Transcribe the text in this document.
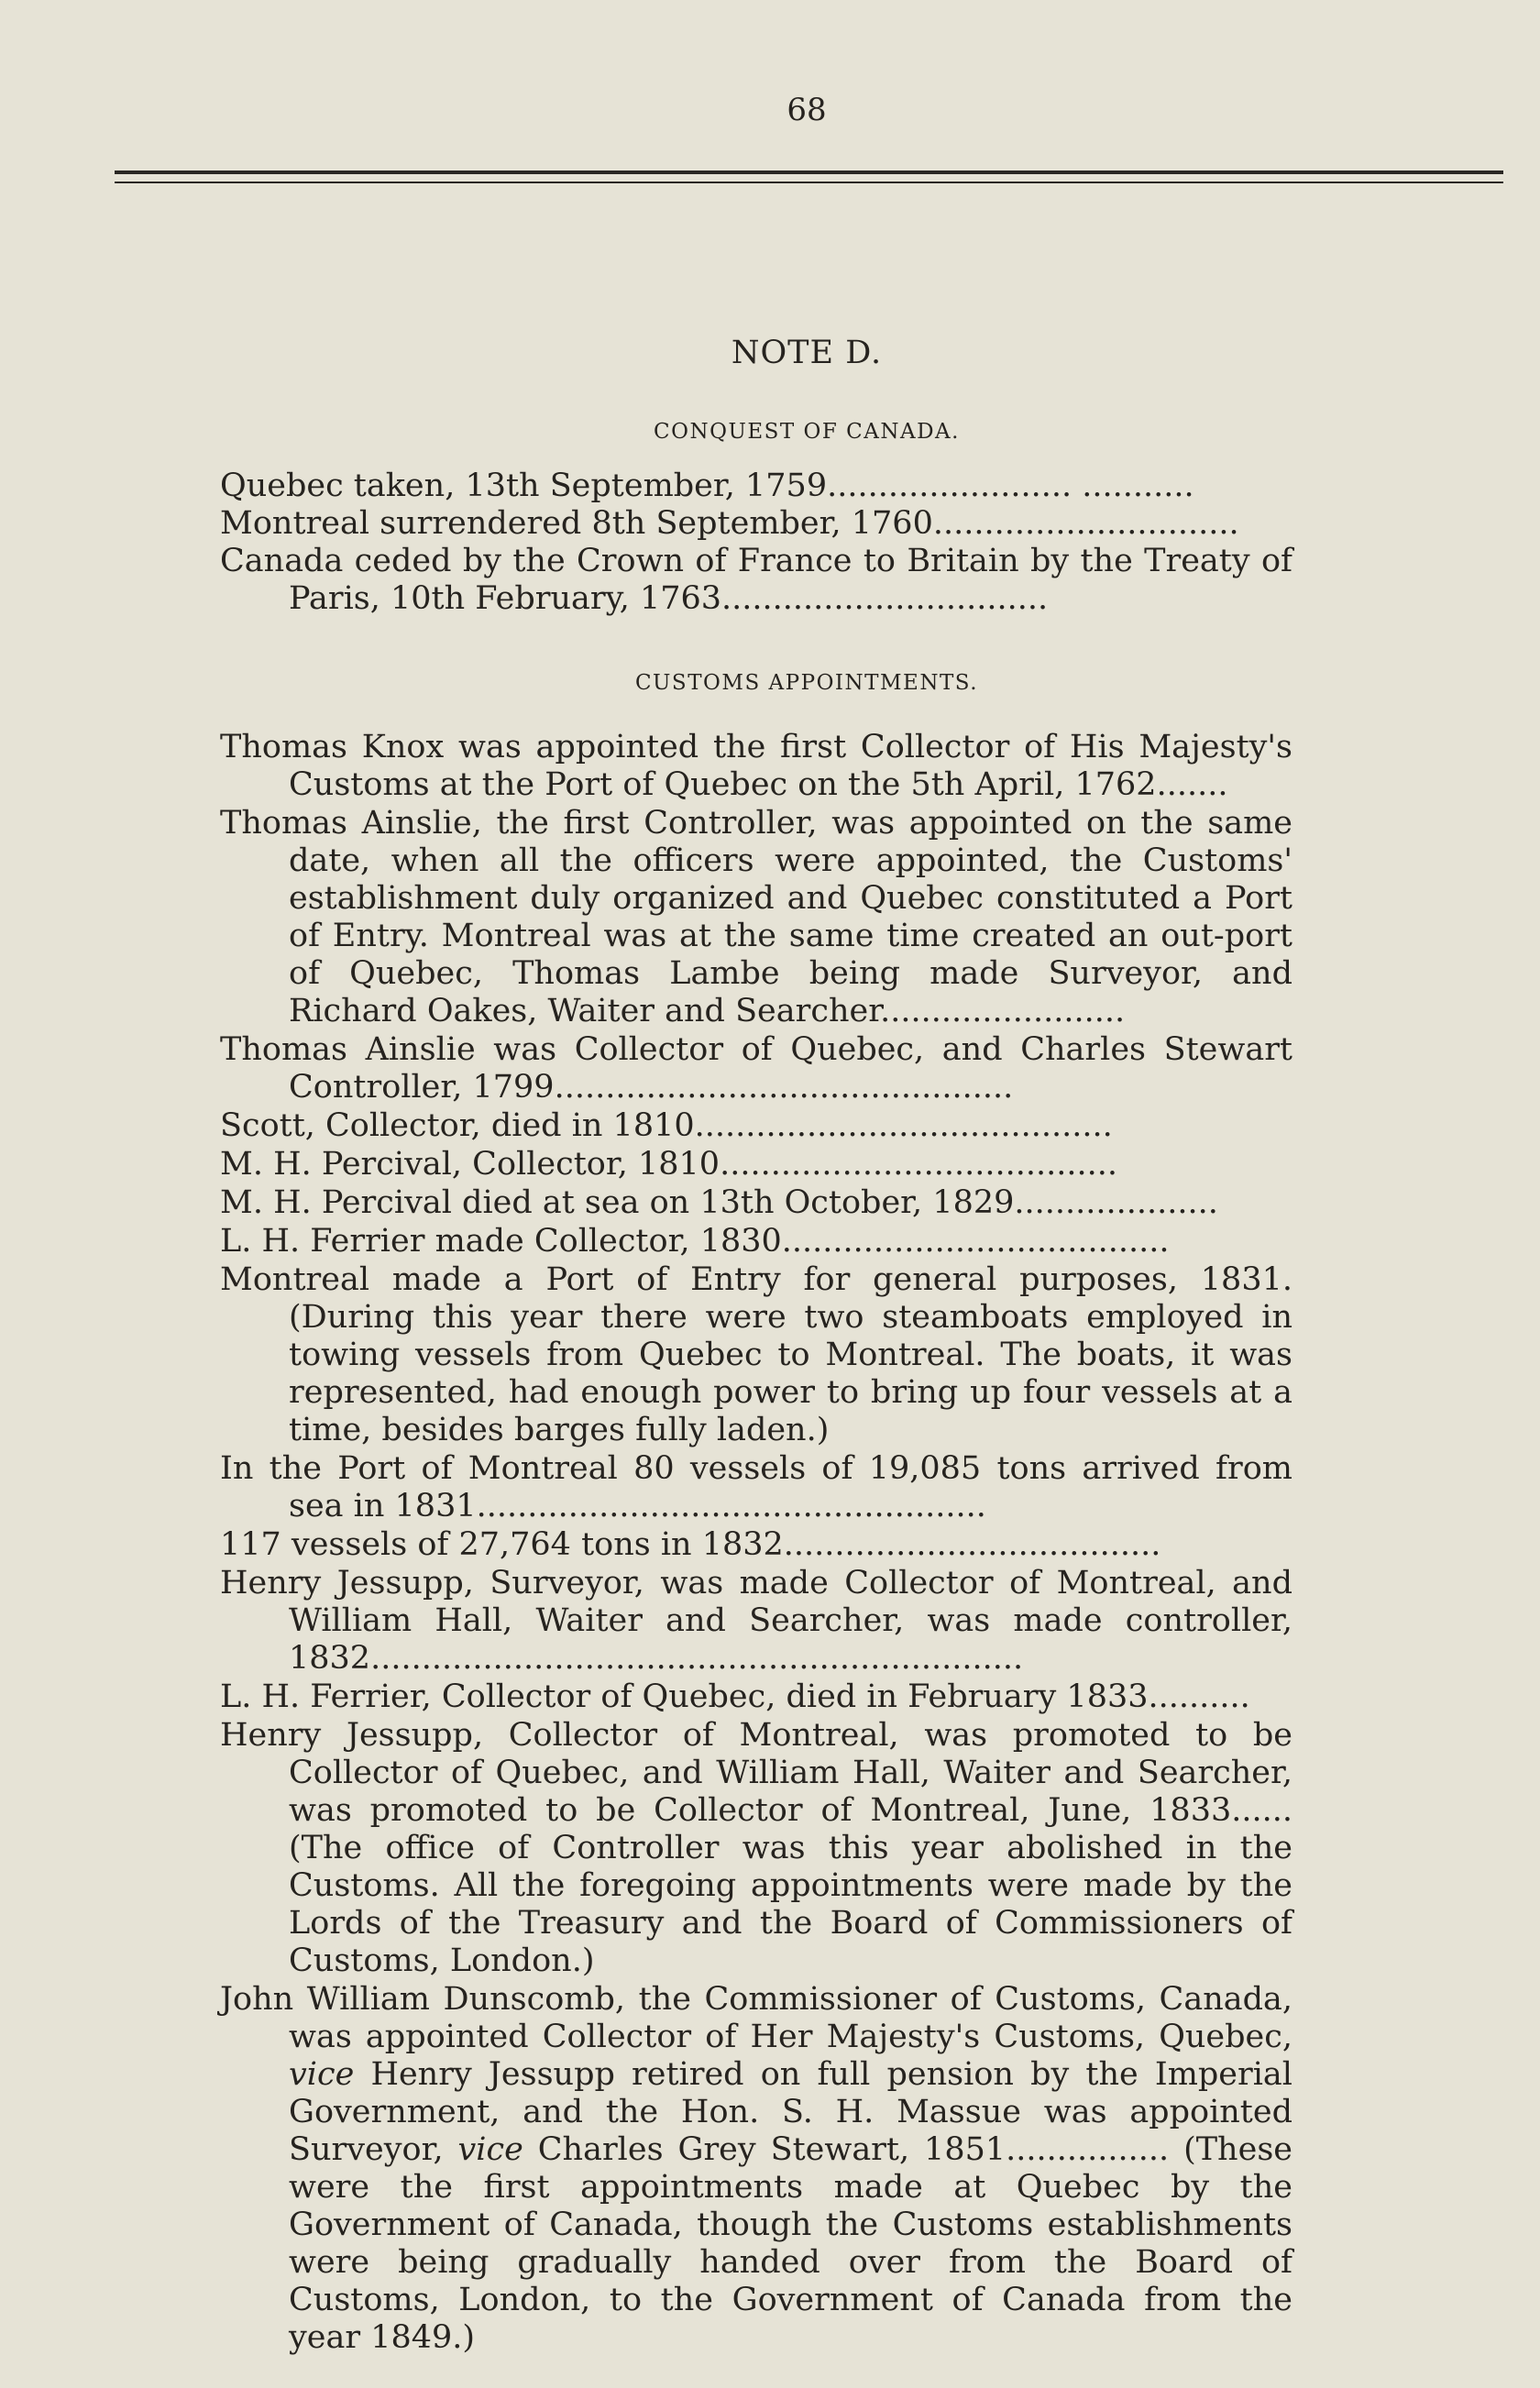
68

NOTE D.
CONQUEST OF CANADA.
Quebec taken, 13th September, 1759........................ ...........
Montreal surrendered 8th September, 1760..............................
Canada ceded by the Crown of France to Britain by the Treaty of Paris, 10th February, 1763................................
CUSTOMS APPOINTMENTS.
Thomas Knox was appointed the first Collector of His Majesty's Customs at the Port of Quebec on the 5th April, 1762.......
Thomas Ainslie, the first Controller, was appointed on the same date, when all the officers were appointed, the Customs' establishment duly organized and Quebec constituted a Port of Entry. Montreal was at the same time created an out-port of Quebec, Thomas Lambe being made Surveyor, and Richard Oakes, Waiter and Searcher........................
Thomas Ainslie was Collector of Quebec, and Charles Stewart Controller, 1799.............................................
Scott, Collector, died in 1810.........................................
M. H. Percival, Collector, 1810.......................................
M. H. Percival died at sea on 13th October, 1829....................
L. H. Ferrier made Collector, 1830......................................
Montreal made a Port of Entry for general purposes, 1831. (During this year there were two steamboats employed in towing vessels from Quebec to Montreal. The boats, it was represented, had enough power to bring up four vessels at a time, besides barges fully laden.)
In the Port of Montreal 80 vessels of 19,085 tons arrived from sea in 1831..................................................
117 vessels of 27,764 tons in 1832.....................................
Henry Jessupp, Surveyor, was made Collector of Montreal, and William Hall, Waiter and Searcher, was made controller, 1832................................................................
L. H. Ferrier, Collector of Quebec, died in February 1833..........
Henry Jessupp, Collector of Montreal, was promoted to be Collector of Quebec, and William Hall, Waiter and Searcher, was promoted to be Collector of Montreal, June, 1833...... (The office of Controller was this year abolished in the Customs. All the foregoing appointments were made by the Lords of the Treasury and the Board of Commissioners of Customs, London.)
John William Dunscomb, the Commissioner of Customs, Canada, was appointed Collector of Her Majesty's Customs, Quebec, vice Henry Jessupp retired on full pension by the Imperial Government, and the Hon. S. H. Massue was appointed Surveyor, vice Charles Grey Stewart, 1851................ (These were the first appointments made at Quebec by the Government of Canada, though the Customs establishments were being gradually handed over from the Board of Customs, London, to the Government of Canada from the year 1849.)
